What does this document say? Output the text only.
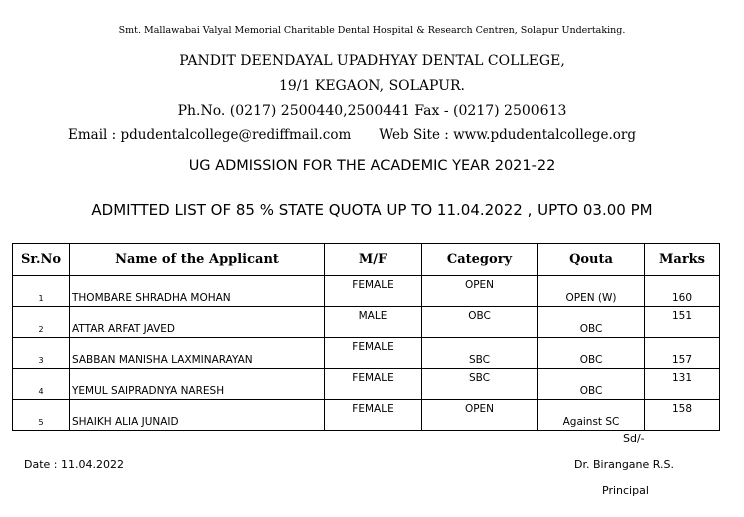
Smt. Mallawabai Valyal Memorial Charitable Dental Hospital & Research Centren, Solapur Undertaking.
PANDIT DEENDAYAL UPADHYAY DENTAL COLLEGE,
19/1 KEGAON, SOLAPUR.
Ph.No. (0217) 2500440,2500441 Fax - (0217) 2500613
Email : pdudentalcollege@rediffmail.com Web Site : www.pdudentalcollege.org
UG ADMISSION FOR THE ACADEMIC YEAR 2021-22
ADMITTED LIST OF 85 % STATE QUOTA UP TO 11.04.2022 , UPTO 03.00 PM
Sr.No	Name of the Applicant	M/F	Category	Qouta	Marks
1	THOMBARE SHRADHA MOHAN	FEMALE	OPEN	OPEN (W)	160
2	ATTAR ARFAT JAVED	MALE	OBC	OBC	151
3	SABBAN MANISHA LAXMINARAYAN	FEMALE	SBC	OBC	157
4	YEMUL SAIPRADNYA NARESH	FEMALE	SBC	OBC	131
5	SHAIKH ALIA JUNAID	FEMALE	OPEN	Against SC	158
Sd/-
Date : 11.04.2022	Dr. Birangane R.S.
Principal
